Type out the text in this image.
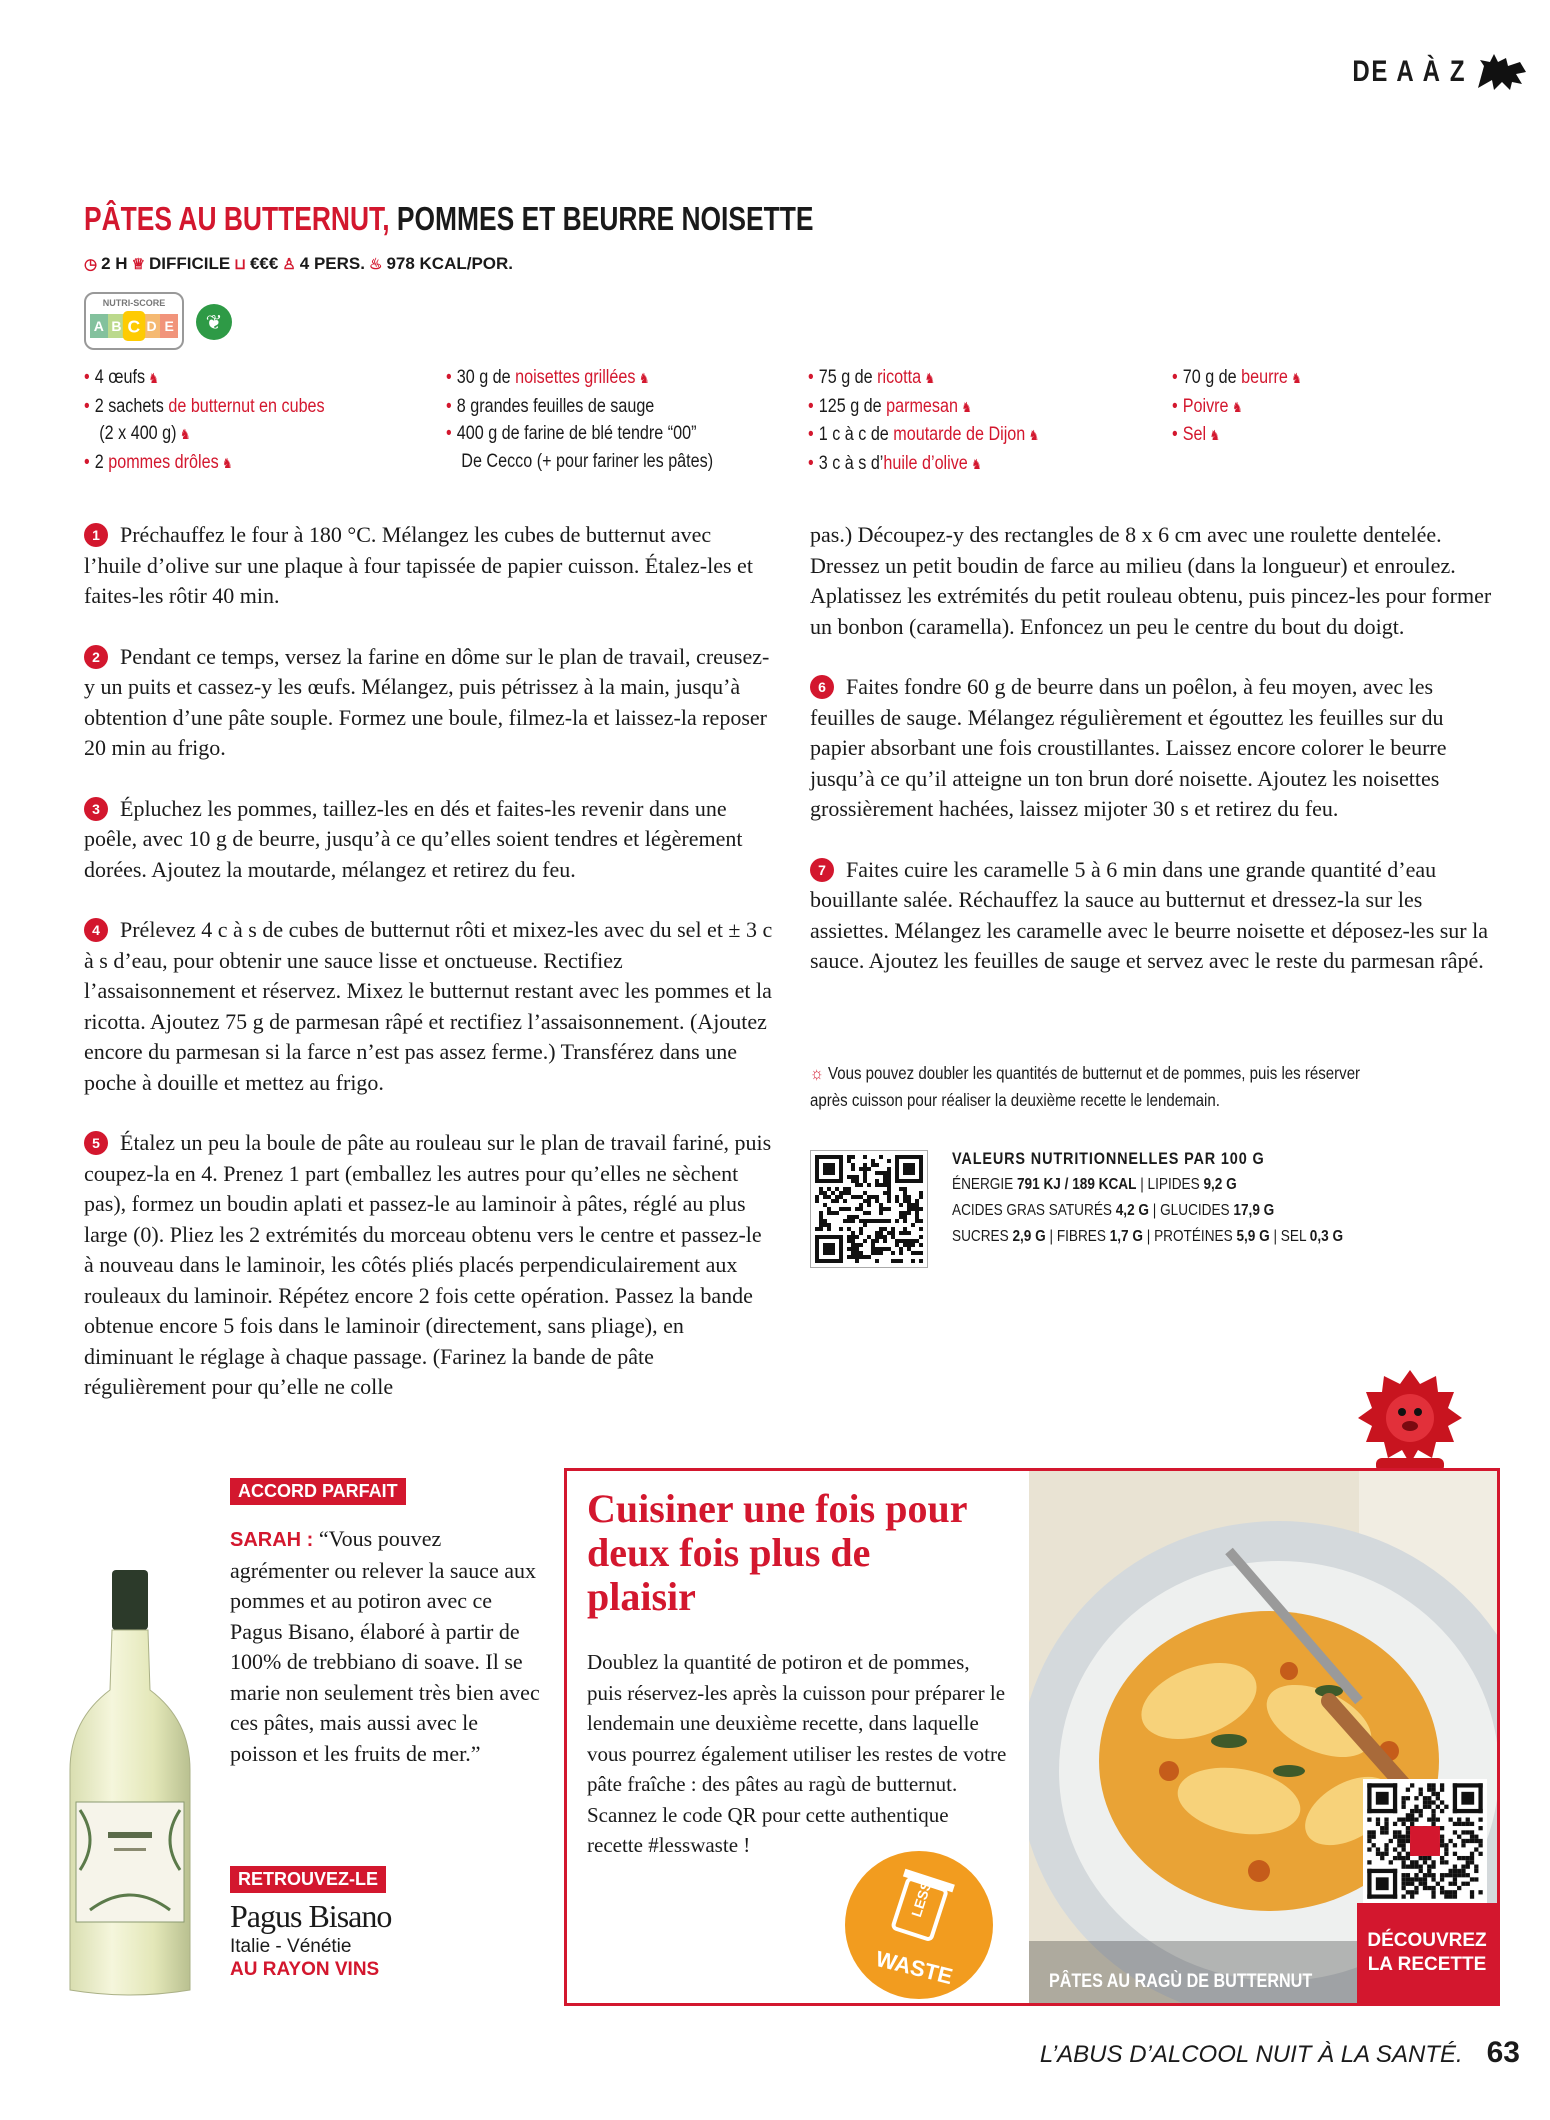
DE A À Z
PÂTES AU BUTTERNUT, POMMES ET BEURRE NOISETTE
◷ 2 H ♕ DIFFICILE ⊔ €€€ ♙ 4 PERS. ♨ 978 KCAL/POR.
NUTRI-SCORE
A B C D E	❦
• 4 œufs ♞
• 2 sachets de butternut en cubes
(2 x 400 g) ♞
• 2 pommes drôles ♞
• 30 g de noisettes grillées ♞
• 8 grandes feuilles de sauge
• 400 g de farine de blé tendre “00”
De Cecco (+ pour fariner les pâtes)
• 75 g de ricotta ♞
• 125 g de parmesan ♞
• 1 c à c de moutarde de Dijon ♞
• 3 c à s d’huile d’olive ♞
• 70 g de beurre ♞
• Poivre ♞
• Sel ♞

1 Préchauffez le four à 180 °C. Mélangez les cubes de butternut avec l’huile d’olive sur une plaque à four tapissée de papier cuisson. Étalez-les et faites-les rôtir 40 min.

2 Pendant ce temps, versez la farine en dôme sur le plan de travail, creusez-y un puits et cassez-y les œufs. Mélangez, puis pétrissez à la main, jusqu’à obtention d’une pâte souple. Formez une boule, filmez-la et laissez-la reposer 20 min au frigo.

3 Épluchez les pommes, taillez-les en dés et faites-les revenir dans une poêle, avec 10 g de beurre, jusqu’à ce qu’elles soient tendres et légèrement dorées. Ajoutez la moutarde, mélangez et retirez du feu.

4 Prélevez 4 c à s de cubes de butternut rôti et mixez-les avec du sel et ± 3 c à s d’eau, pour obtenir une sauce lisse et onctueuse. Rectifiez l’assaisonnement et réservez. Mixez le butternut restant avec les pommes et la ricotta. Ajoutez 75 g de parmesan râpé et rectifiez l’assaisonnement. (Ajoutez encore du parmesan si la farce n’est pas assez ferme.) Transférez dans une poche à douille et mettez au frigo.

5 Étalez un peu la boule de pâte au rouleau sur le plan de travail fariné, puis coupez-la en 4. Prenez 1 part (emballez les autres pour qu’elles ne sèchent pas), formez un boudin aplati et passez-le au laminoir à pâtes, réglé au plus large (0). Pliez les 2 extrémités du morceau obtenu vers le centre et passez-le à nouveau dans le laminoir, les côtés pliés placés perpendiculairement aux rouleaux du laminoir. Répétez encore 2 fois cette opération. Passez la bande obtenue encore 5 fois dans le laminoir (directement, sans pliage), en diminuant le réglage à chaque passage. (Farinez la bande de pâte régulièrement pour qu’elle ne colle

pas.) Découpez-y des rectangles de 8 x 6 cm avec une roulette dentelée. Dressez un petit boudin de farce au milieu (dans la longueur) et enroulez. Aplatissez les extrémités du petit rouleau obtenu, puis pincez-les pour former un bonbon (caramella). Enfoncez un peu le centre du bout du doigt.

6 Faites fondre 60 g de beurre dans un poêlon, à feu moyen, avec les feuilles de sauge. Mélangez régulièrement et égouttez les feuilles sur du papier absorbant une fois croustillantes. Laissez encore colorer le beurre jusqu’à ce qu’il atteigne un ton brun doré noisette. Ajoutez les noisettes grossièrement hachées, laissez mijoter 30 s et retirez du feu.

7 Faites cuire les caramelle 5 à 6 min dans une grande quantité d’eau bouillante salée. Réchauffez la sauce au butternut et dressez-la sur les assiettes. Mélangez les caramelle avec le beurre noisette et déposez-les sur la sauce. Ajoutez les feuilles de sauge et servez avec le reste du parmesan râpé.

☼ Vous pouvez doubler les quantités de butternut et de pommes, puis les réserver après cuisson pour réaliser la deuxième recette le lendemain.
VALEURS NUTRITIONNELLES PAR 100 G
ÉNERGIE 791 KJ / 189 KCAL | LIPIDES 9,2 G
ACIDES GRAS SATURÉS 4,2 G | GLUCIDES 17,9 G
SUCRES 2,9 G | FIBRES 1,7 G | PROTÉINES 5,9 G | SEL 0,3 G
ACCORD PARFAIT
SARAH : “Vous pouvez agrémenter ou relever la sauce aux pommes et au potiron avec ce Pagus Bisano, élaboré à partir de 100% de trebbiano di soave. Il se marie non seulement très bien avec ces pâtes, mais aussi avec le poisson et les fruits de mer.”
RETROUVEZ-LE
Pagus Bisano
Italie - Vénétie
AU RAYON VINS
Cuisiner une fois pour deux fois plus de plaisir
Doublez la quantité de potiron et de pommes, puis réservez-les après la cuisson pour préparer le lendemain une deuxième recette, dans laquelle vous pourrez également utiliser les restes de votre pâte fraîche : des pâtes au ragù de butternut. Scannez le code QR pour cette authentique recette #lesswaste !
LESS
WASTE	PÂTES AU RAGÙ DE BUTTERNUT
DÉCOUVREZ LA RECETTE
L’ABUS D’ALCOOL NUIT À LA SANTÉ. 63
